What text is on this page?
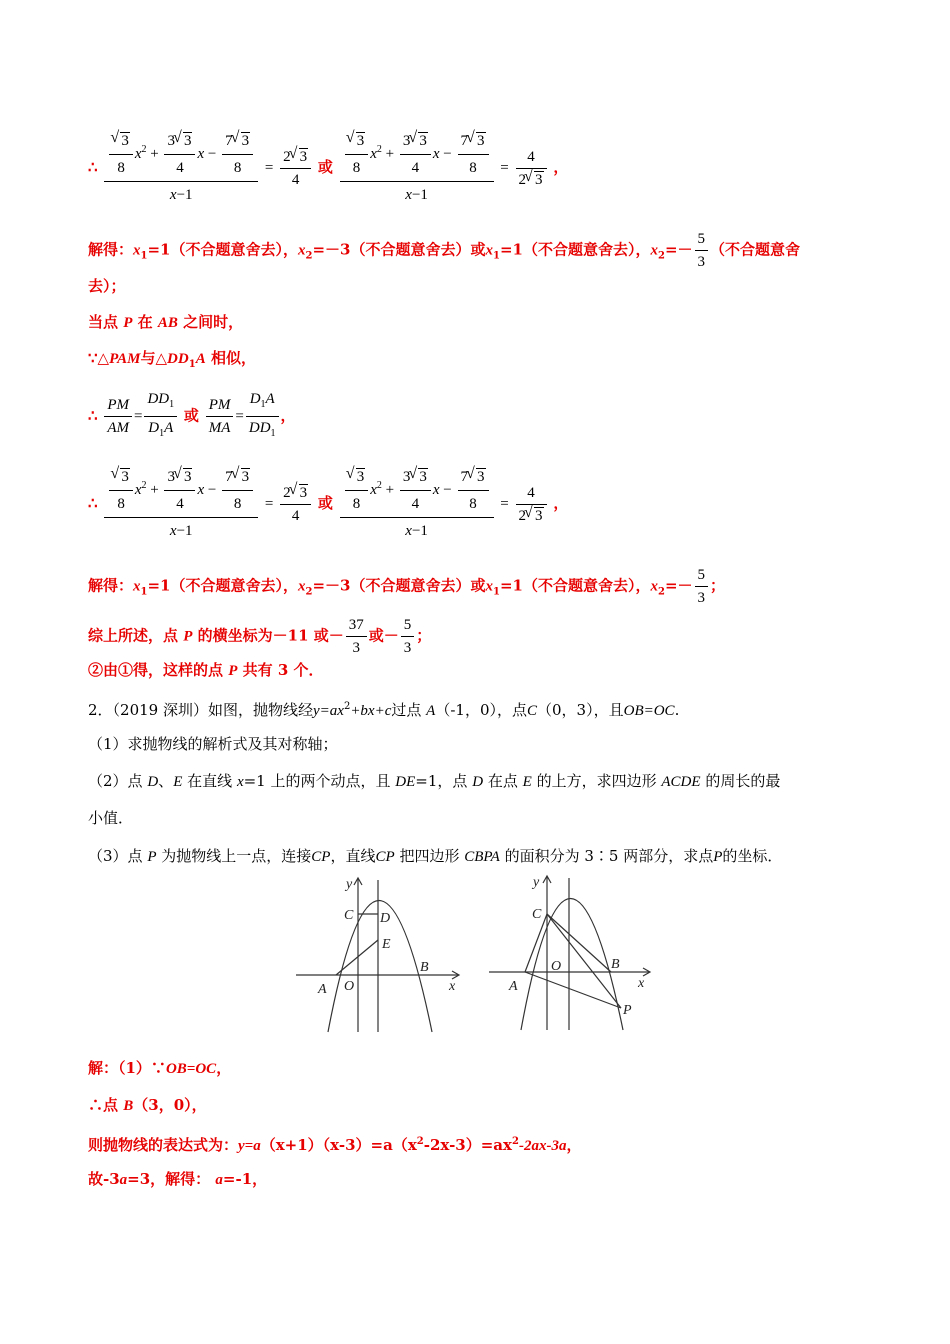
∴ √ $\frac{\frac{3}{8} x^2 + \frac{3 √ 3}{4} x - \frac{7 √ 3}{8}}{x-1} = \frac{2 √ 3}{4}$ 或 √ $\frac{\frac{3}{8} x^2 + \frac{3 √ 3}{4} x - \frac{7 √ 3}{8}}{x-1} = \frac{4}{2 √ 3}$ ，
解得：$x_1=1$（不合题意舍去），$x_2=-3$（不合题意舍去）或$x_1=1$（不合题意舍去），$x_2=- \frac{5}{3}$ （不合题意舍
去）；
当点 P 在 AB 之间时，
∵△PAM与$\triangle DD_1A$ 相似，
∴ $\frac{PM}{AM} = \frac{DD_1}{D_1A}$ 或 $\frac{PM}{MA} = \frac{D_1A}{DD_1}$ ，
∴ √ $\frac{\frac{3}{8} x^2 + \frac{3 √ 3}{4} x - \frac{7 √ 3}{8}}{x-1} = \frac{2 √ 3}{4}$ 或 √ $\frac{\frac{3}{8} x^2 + \frac{3 √ 3}{4} x - \frac{7 √ 3}{8}}{x-1} = \frac{4}{2 √ 3}$ ，
解得：$x_1=1$（不合题意舍去），$x_2=-3$（不合题意舍去）或$x_1=1$（不合题意舍去），$x_2=- \frac{5}{3}$ ；
综上所述，点 P 的横坐标为－11 或－ $\frac{37}{3}$ 或－ $\frac{5}{3}$ ；
②由①得，这样的点 P 共有 3 个．
2．（2019 深圳）如图，抛物线经$y=ax^2+bx+c$过点 A（-1，0），点C（0，3），且OB=OC.
（1）求抛物线的解析式及其对称轴；
（2）点 D、E 在直线 x=1 上的两个动点，且 DE=1，点 D 在点 E 的上方，求四边形 ACDE 的周长的最
小值．
（3）点 P 为抛物线上一点，连接CP，直线CP 把四边形 CBPA 的面积分为 3∶5 两部分，求点P的坐标．
y
x
C D
E
A O
B
y
x
C
A
O	B
P
解：（1）∵OB=OC，
∴点 B（3，0），
则抛物线的表达式为：$y=a(x+1)(x-3)=a(x^2-2x-3)=ax^2-2ax-3a$，
故-3a=3，解得： a=-1，
